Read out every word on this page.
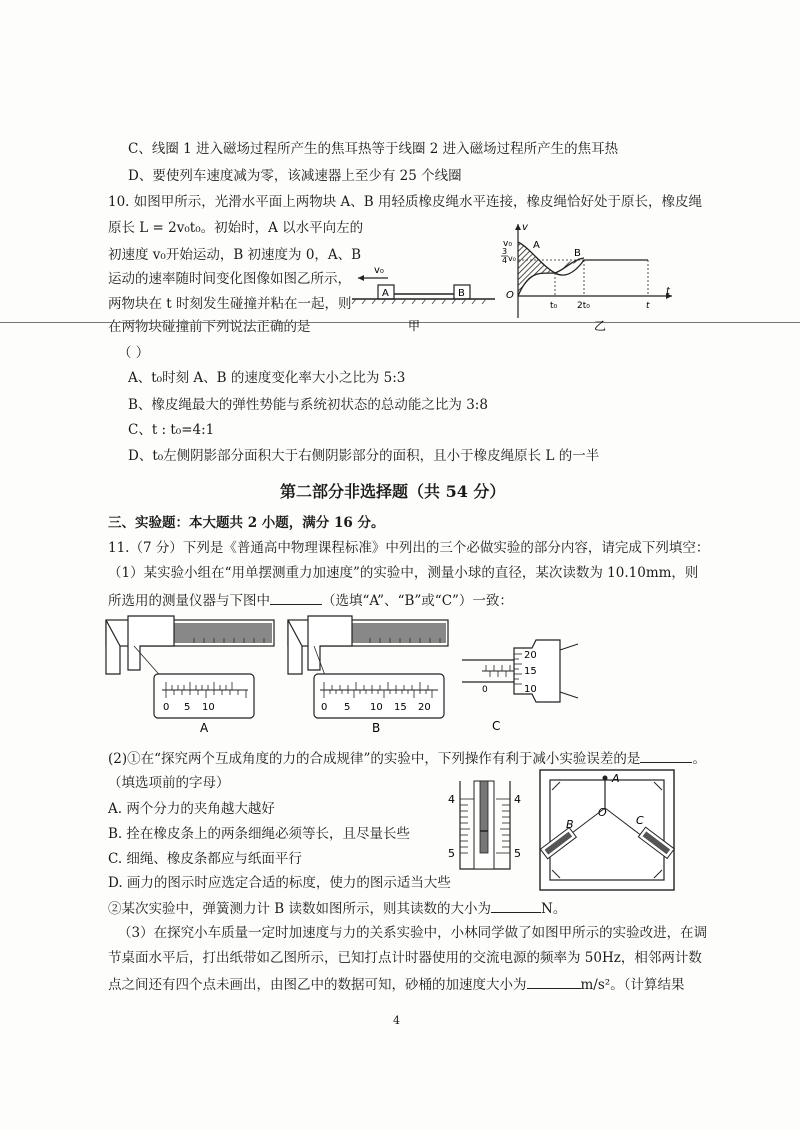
C、线圈 1 进入磁场过程所产生的焦耳热等于线圈 2 进入磁场过程所产生的焦耳热
D、要使列车速度减为零，该减速器上至少有 25 个线圈
10. 如图甲所示，光滑水平面上两物块 A、B 用轻质橡皮绳水平连接，橡皮绳恰好处于原长，橡皮绳
原长 L = 2v₀t₀。初始时，A 以水平向左的
初速度 v₀开始运动，B 初速度为 0，A、B
运动的速率随时间变化图像如图乙所示，
两物块在 t 时刻发生碰撞并粘在一起，则
在两物块碰撞前下列说法正确的是
v₀
A	B
甲
v
t
O
v₀
3
4 v₀
A
B
t₀ 2t₀	t
乙
（ ）
A、t₀时刻 A、B 的速度变化率大小之比为 5:3
B、橡皮绳最大的弹性势能与系统初状态的总动能之比为 3:8
C、t : t₀=4:1
D、t₀左侧阴影部分面积大于右侧阴影部分的面积，且小于橡皮绳原长 L 的一半
第二部分非选择题（共 54 分）
三、实验题：本大题共 2 小题，满分 16 分。
11.（7 分）下列是《普通高中物理课程标准》中列出的三个必做实验的部分内容，请完成下列填空：
（1）某实验小组在“用单摆测重力加速度”的实验中，测量小球的直径，某次读数为 10.10mm，则
所选用的测量仪器与下图中	（选填“A”、“B”或“C”）一致：
0 5 10
A
0 5 10 15 20
B
0
20
15
10
C
(2)①在“探究两个互成角度的力的合成规律”的实验中，下列操作有利于减小实验误差的是	。
（填选项前的字母）
A. 两个分力的夹角越大越好
B. 拴在橡皮条上的两条细绳必须等长，且尽量长些
C. 细绳、橡皮条都应与纸面平行
D. 画力的图示时应选定合适的标度，使力的图示适当大些
②某次实验中，弹簧测力计 B 读数如图所示，则其读数的大小为	N。
4
5
4
5
A
O
B	C
（3）在探究小车质量一定时加速度与力的关系实验中，小林同学做了如图甲所示的实验改进，在调
节桌面水平后，打出纸带如乙图所示，已知打点计时器使用的交流电源的频率为 50Hz，相邻两计数
点之间还有四个点未画出，由图乙中的数据可知，砂桶的加速度大小为	m/s²。（计算结果
4
